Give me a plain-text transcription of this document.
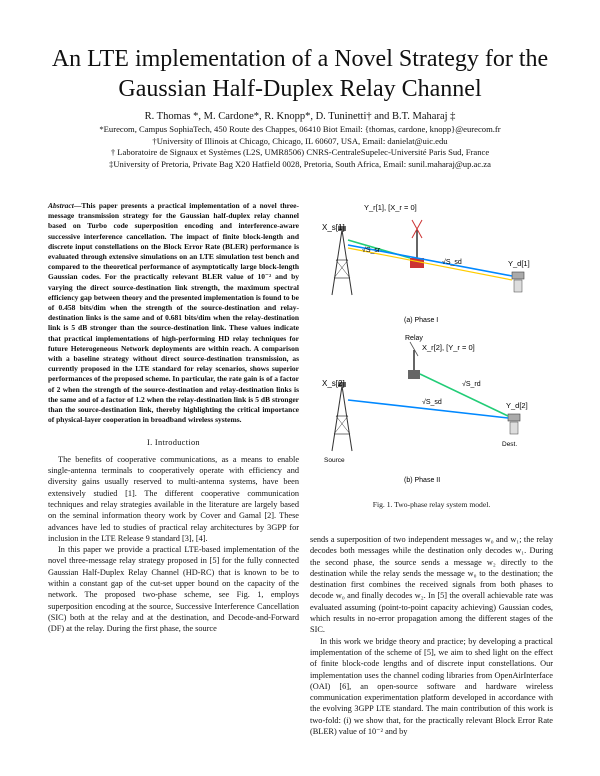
An LTE implementation of a Novel Strategy for the Gaussian Half-Duplex Relay Channel
R. Thomas *, M. Cardone*, R. Knopp*, D. Tuninetti† and B.T. Maharaj ‡
*Eurecom, Campus SophiaTech, 450 Route des Chappes, 06410 Biot Email: {thomas, cardone, knopp}@eurecom.fr
†University of Illinois at Chicago, Chicago, IL 60607, USA, Email: danielat@uic.edu
† Laboratoire de Signaux et Systèmes (L2S, UMR8506) CNRS-CentraleSupelec-Université Paris Sud, France
‡University of Pretoria, Private Bag X20 Hatfield 0028, Pretoria, South Africa, Email: sunil.maharaj@up.ac.za
Abstract—This paper presents a practical implementation of a novel three-message transmission strategy for the Gaussian half-duplex relay channel based on Turbo code superposition encoding and interference-aware successive interference cancellation. The impact of finite block-length and discrete input constellations on the Block Error Rate (BLER) performance is evaluated through extensive simulations on an LTE simulation test bench and compared to the theoretical performance of asymptotically large block-length Gaussian codes. For the practically relevant BLER value of 10⁻² and by varying the direct source-destination link strength, the maximum spectral efficiency gap between theory and the presented implementation is found to be of 0.458 bits/dim when the strength of the source-destination and relay-destination links is the same and of 0.681 bits/dim when the relay-destination link is 5 dB stronger than the source-destination link. These values indicate that practical implementations of high-performing HD relay techniques for future Heterogeneous Network deployments are within reach. A comparison with a baseline strategy without direct source-destination transmission, as currently proposed in the LTE standard for relay scenarios, shows superior performances of the proposed scheme. In particular, the rate gain is of a factor of 2 when the strength of the source-destination and relay-destination links is the same and of a factor of 1.2 when the relay-destination link is 5 dB stronger than the source-destination link, thereby highlighting the critical importance of physical-layer cooperation in broadband wireless systems.
I. Introduction

The benefits of cooperative communications, as a means to enable single-antenna terminals to cooperatively operate with efficiency and diversity gains usually reserved to multi-antenna systems, have been extensively studied [1]. The different cooperative communication techniques and relay strategies available in the literature are largely based on the seminal information theory work by Cover and Gamal [2]. These advances have led to studies of practical relay architectures by 3GPP for inclusion in the LTE Release 9 standard [3], [4].

In this paper we provide a practical LTE-based implementation of the novel three-message relay strategy proposed in [5] for the fully connected Gaussian Half-Duplex Relay Channel (HD-RC) that is known to be to within a constant gap of the cut-set upper bound on the capacity of the network. The proposed two-phase scheme, see Fig. 1, employs superposition encoding at the source, Successive Interference Cancellation (SIC) both at the relay and at the destination, and Decode-and-Forward (DF) at the relay. During the first phase, the source

X_s[1]
Y_r[1], [X_r = 0]
Y_d[1]
√S_sr
√S_sd
(a) Phase I
Relay
X_r[2], [Y_r = 0]
X_s[2]
Y_d[2]
√S_rd
√S_sd
(b) Phase II
Source
Dest.
Fig. 1. Two-phase relay system model.

sends a superposition of two independent messages w₀ and w₁; the relay decodes both messages while the destination only decodes w₁. During the second phase, the source sends a message w₂ directly to the destination while the relay sends the message w₀ to the destination; the destination first combines the received signals from both phases to decode w₀ and finally decodes w₂. In [5] the overall achievable rate was evaluated assuming (point-to-point capacity achieving) Gaussian codes, which results in no-error propagation among the different stages of the SIC.

In this work we bridge theory and practice; by developing a practical implementation of the scheme of [5], we aim to shed light on the effect of finite block-code lengths and of discrete input constellations. Our implementation uses the channel coding libraries from OpenAirInterface (OAI) [6], an open-source software and hardware wireless communication experimentation platform developed in accordance with the evolving 3GPP LTE standard. The main contribution of this work is two-fold: (i) we show that, for the practically relevant Block Error Rate (BLER) value of 10⁻² and by
